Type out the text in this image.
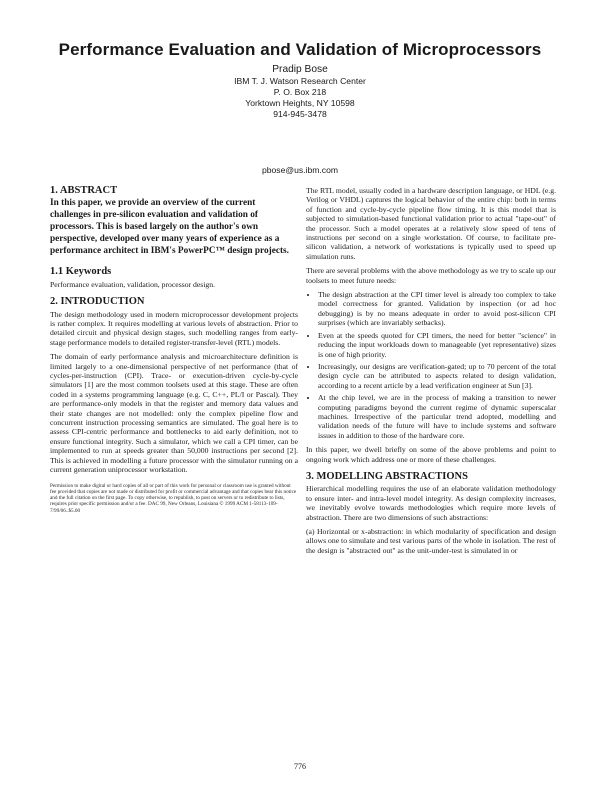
Performance Evaluation and Validation of Microprocessors
Pradip Bose
IBM T. J. Watson Research Center
P. O. Box 218
Yorktown Heights, NY 10598
914-945-3478
pbose@us.ibm.com
1. ABSTRACT
In this paper, we provide an overview of the current challenges in pre-silicon evaluation and validation of processors. This is based largely on the author's own perspective, developed over many years of experience as a performance architect in IBM's PowerPC™ design projects.
1.1 Keywords

Performance evaluation, validation, processor design.

2. INTRODUCTION

The design methodology used in modern microprocessor development projects is rather complex. It requires modelling at various levels of abstraction. Prior to detailed circuit and physical design stages, such modelling ranges from early-stage performance models to detailed register-transfer-level (RTL) models.

The domain of early performance analysis and microarchitecture definition is limited largely to a one-dimensional perspective of net performance (that of cycles-per-instruction (CPI). Trace- or execution-driven cycle-by-cycle simulators [1] are the most common toolsets used at this stage. These are often coded in a systems programming language (e.g. C, C++, PL/I or Pascal). They are performance-only models in that the register and memory data values and their state changes are not modelled: only the complex pipeline flow and concurrent instruction processing semantics are simulated. The goal here is to assess CPI-centric performance and bottlenecks to aid early definition, not to ensure functional integrity. Such a simulator, which we call a CPI timer, can be implemented to run at speeds greater than 50,000 instructions per second [2]. This is achieved in modelling a future processor with the simulator running on a current generation uniprocessor workstation.

Permission to make digital or hard copies of all or part of this work for personal or classroom use is granted without fee provided that copies are not made or distributed for profit or commercial advantage and that copies bear this notice and the full citation on the first page. To copy otherwise, to republish, to post on servers or to redistribute to lists, requires prior specific permission and/or a fee. DAC 99, New Orleans, Louisiana © 1999 ACM 1-58113-109-7/99/06..$5.00

The RTL model, usually coded in a hardware description language, or HDL (e.g. Verilog or VHDL) captures the logical behavior of the entire chip: both in terms of function and cycle-by-cycle pipeline flow timing. It is this model that is subjected to simulation-based functional validation prior to actual "tape-out" of the processor. Such a model operates at a relatively slow speed of tens of instructions per second on a single workstation. Of course, to facilitate pre-silicon validation, a network of workstations is typically used to speed up simulation runs.

There are several problems with the above methodology as we try to scale up our toolsets to meet future needs:

• The design abstraction at the CPI timer level is already too complex to take model correctness for granted. Validation by inspection (or ad hoc debugging) is by no means adequate in order to avoid post-silicon CPI surprises (which are invariably setbacks).
• Even at the speeds quoted for CPI timers, the need for better "science" in reducing the input workloads down to manageable (yet representative) sizes is one of high priority.
• Increasingly, our designs are verification-gated; up to 70 percent of the total design cycle can be attributed to aspects related to design validation, according to a recent article by a lead verification engineer at Sun [3].
• At the chip level, we are in the process of making a transition to newer computing paradigms beyond the current regime of dynamic superscalar machines. Irrespective of the particular trend adopted, modelling and validation needs of the future will have to include systems and software issues in addition to those of the hardware core.

In this paper, we dwell briefly on some of the above problems and point to ongoing work which address one or more of these challenges.

3. MODELLING ABSTRACTIONS

Hierarchical modelling requires the use of an elaborate validation methodology to ensure inter- and intra-level model integrity. As design complexity increases, we inevitably evolve towards methodologies which require more levels of abstraction. There are two dimensions of such abstractions:

(a) Horizontal or x-abstraction: in which modularity of specification and design allows one to simulate and test various parts of the whole in isolation. The rest of the design is "abstracted out" as the unit-under-test is simulated in or

776
